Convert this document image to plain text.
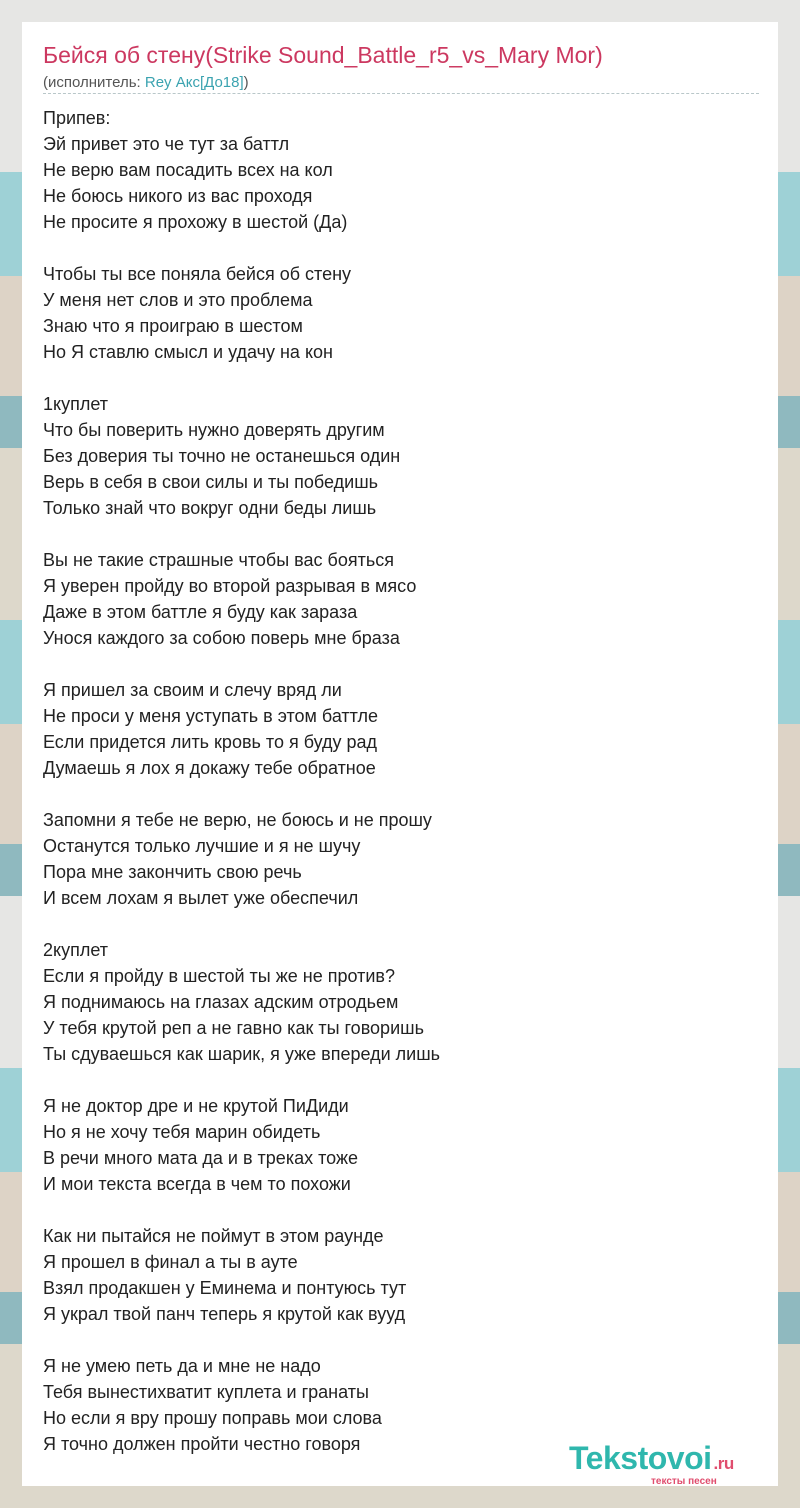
Бейся об стену(Strike Sound_Battle_r5_vs_Mary Mor)
(исполнитель: Rey Акс[До18])
Припев:
Эй привет это че тут за баттл
Не верю вам посадить всех на кол
Не боюсь никого из вас проходя
Не просите я прохожу в шестой (Да)
Чтобы ты все поняла бейся об стену
У меня нет слов и это проблема
Знаю что я проиграю в шестом
Но Я ставлю смысл и удачу на кон
1куплет
Что бы поверить нужно доверять другим
Без доверия ты точно не останешься один
Верь в себя в свои силы и ты победишь
Только знай что вокруг одни беды лишь
Вы не такие страшные чтобы вас бояться
Я уверен пройду во второй разрывая в мясо
Даже в этом баттле я буду как зараза
Унося каждого за собою поверь мне браза
Я пришел за своим и слечу вряд ли
Не проси у меня уступать в этом баттле
Если придется лить кровь то я буду рад
Думаешь я лох я докажу тебе обратное
Запомни я тебе не верю, не боюсь и не прошу
Останутся только лучшие и я не шучу
Пора мне закончить свою речь
И всем лохам я вылет уже обеспечил
2куплет
Если я пройду в шестой ты же не против?
Я поднимаюсь на глазах адским отродьем
У тебя крутой реп а не гавно как ты говоришь
Ты сдуваешься как шарик, я уже впереди лишь
Я не доктор дре и не крутой ПиДиди
Но я не хочу тебя марин обидеть
В речи много мата да и в треках тоже
И мои текста всегда в чем то похожи
Как ни пытайся не поймут в этом раунде
Я прошел в финал а ты в ауте
Взял продакшен у Еминема и понтуюсь тут
Я украл твой панч теперь я крутой как вууд
Я не умею петь да и мне не надо
Тебя вынестихватит куплета и гранаты
Но если я вру прошу поправь мои слова
Я точно должен пройти честно говоря	Tekstovoi .ru
тексты песен
